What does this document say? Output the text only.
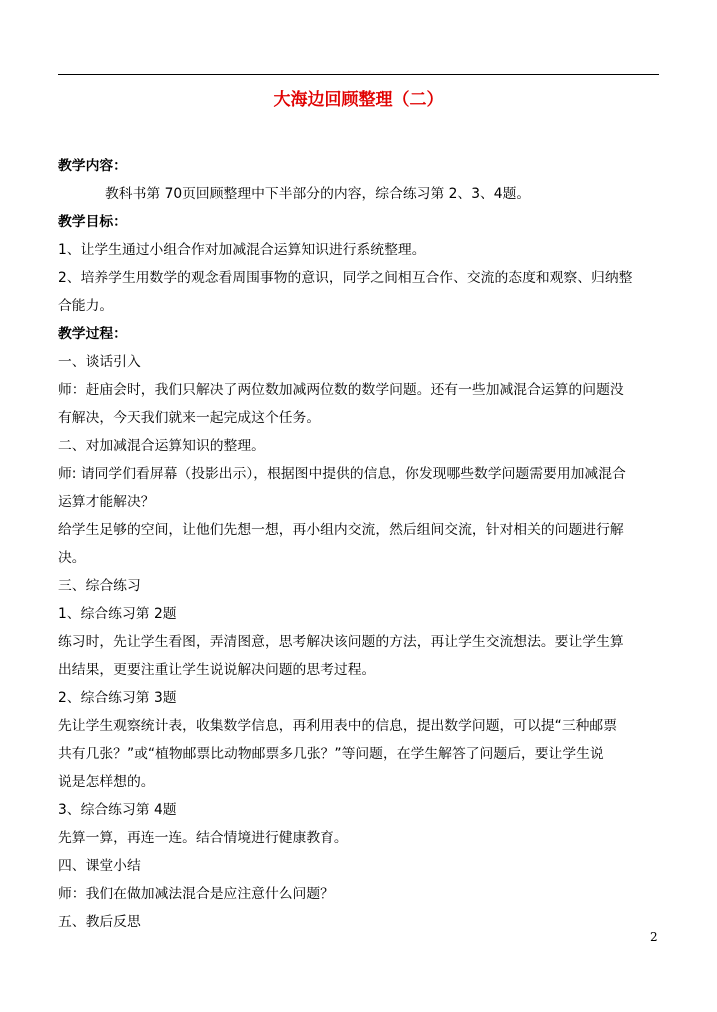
大海边回顾整理（二）
教学内容：
教科书第 70页回顾整理中下半部分的内容，综合练习第 2、3、4题。
教学目标：
1、让学生通过小组合作对加减混合运算知识进行系统整理。
2、培养学生用数学的观念看周围事物的意识，同学之间相互合作、交流的态度和观察、归纳整
合能力。
教学过程：
一、谈话引入
师：赶庙会时，我们只解决了两位数加减两位数的数学问题。还有一些加减混合运算的问题没
有解决，今天我们就来一起完成这个任务。
二、对加减混合运算知识的整理。
师: 请同学们看屏幕（投影出示），根据图中提供的信息，你发现哪些数学问题需要用加减混合
运算才能解决？
给学生足够的空间，让他们先想一想，再小组内交流，然后组间交流，针对相关的问题进行解
决。
三、综合练习
1、综合练习第 2题
练习时，先让学生看图，弄清图意，思考解决该问题的方法，再让学生交流想法。要让学生算
出结果，更要注重让学生说说解决问题的思考过程。
2、综合练习第 3题
先让学生观察统计表，收集数学信息，再利用表中的信息，提出数学问题，可以提“三种邮票
共有几张？”或“植物邮票比动物邮票多几张？”等问题，在学生解答了问题后，要让学生说
说是怎样想的。
3、综合练习第 4题
先算一算，再连一连。结合情境进行健康教育。
四、课堂小结
师：我们在做加减法混合是应注意什么问题？
五、教后反思
2
